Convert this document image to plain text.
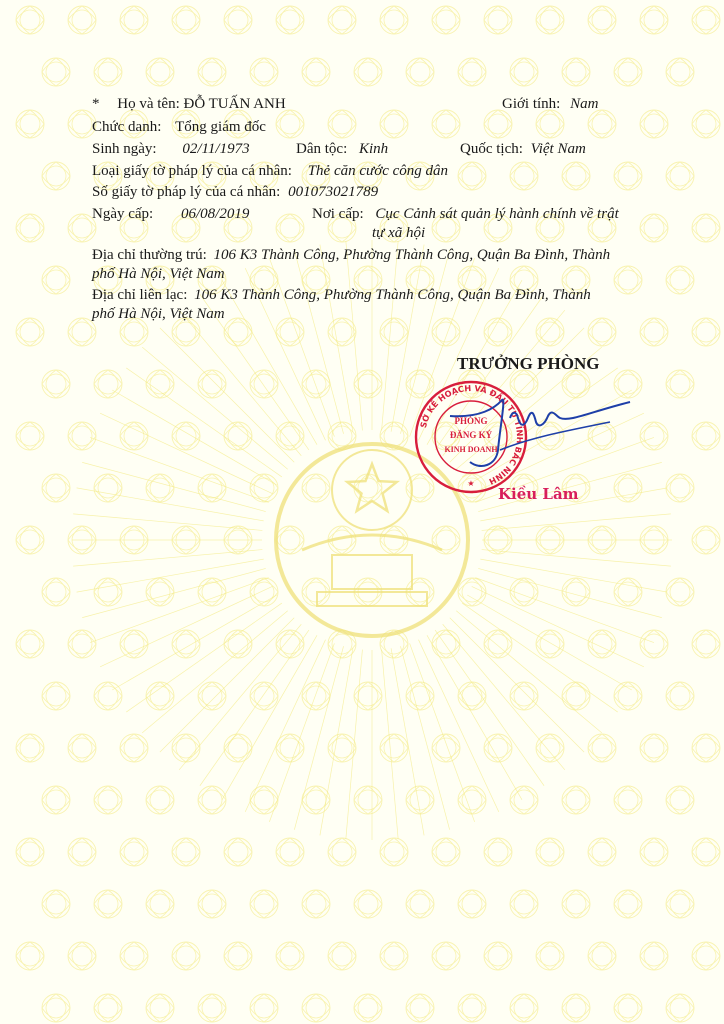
* Họ và tên: ĐỖ TUẤN ANH	Giới tính: Nam
Chức danh: Tổng giám đốc
Sinh ngày: 02/11/1973	Dân tộc: Kinh	Quốc tịch: Việt Nam
Loại giấy tờ pháp lý của cá nhân: Thẻ căn cước công dân
Số giấy tờ pháp lý của cá nhân: 001073021789
Ngày cấp: 06/08/2019	Nơi cấp: Cục Cảnh sát quản lý hành chính về trật
tự xã hội
Địa chỉ thường trú: 106 K3 Thành Công, Phường Thành Công, Quận Ba Đình, Thành
phố Hà Nội, Việt Nam
Địa chỉ liên lạc: 106 K3 Thành Công, Phường Thành Công, Quận Ba Đình, Thành
phố Hà Nội, Việt Nam
TRƯỞNG PHÒNG
SỞ KẾ HOẠCH VÀ ĐẦU TƯ TỈNH BẮC NINH
PHÒNG
ĐĂNG KÝ
KINH DOANH
★
Kiều Lâm
